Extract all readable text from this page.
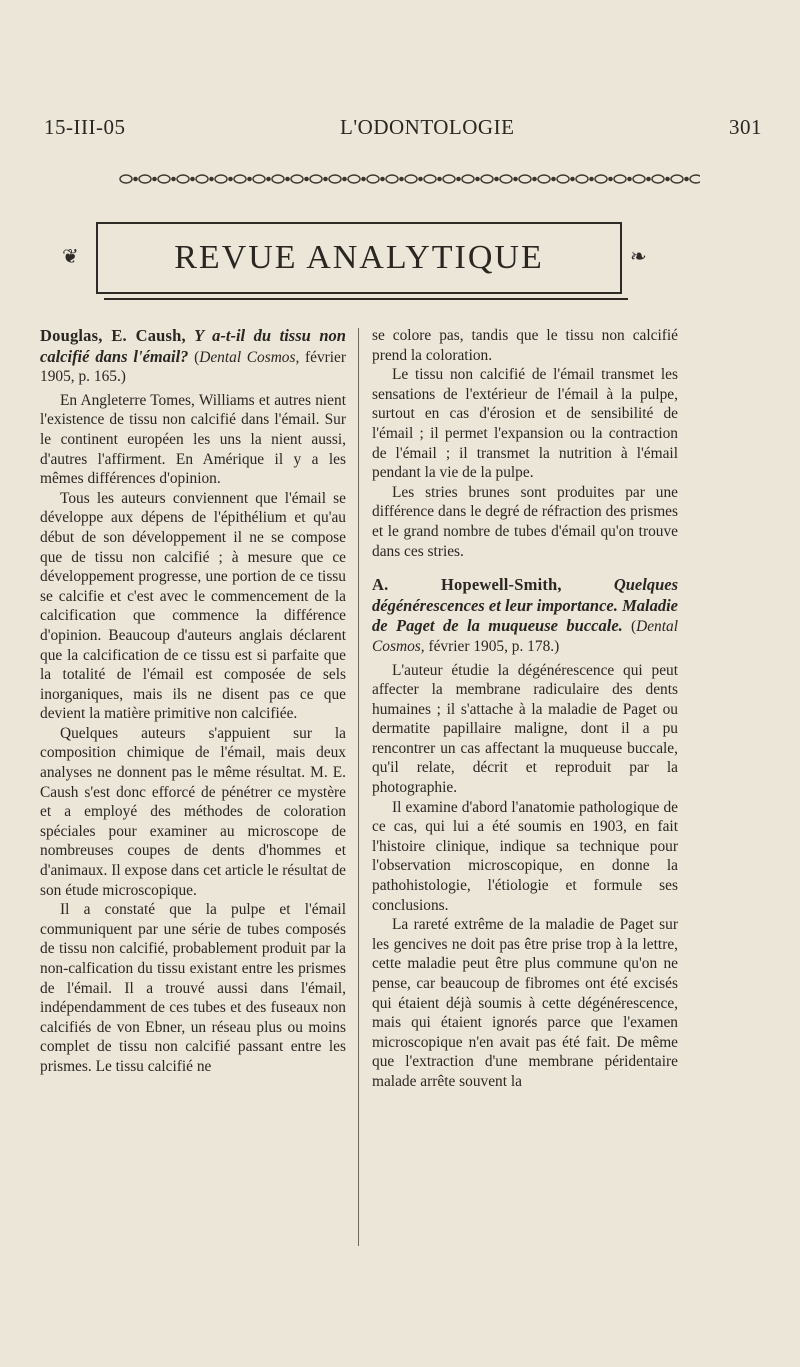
15-III-05	L'ODONTOLOGIE	301
❦	REVUE ANALYTIQUE	❧

Douglas, E. Caush, Y a-t-il du tissu non calcifié dans l'émail? (Dental Cosmos, février 1905, p. 165.)

En Angleterre Tomes, Williams et autres nient l'existence de tissu non calcifié dans l'émail. Sur le continent européen les uns la nient aussi, d'autres l'affirment. En Amérique il y a les mêmes différences d'opinion.

Tous les auteurs conviennent que l'émail se développe aux dépens de l'épithélium et qu'au début de son développement il ne se compose que de tissu non calcifié ; à mesure que ce développement progresse, une portion de ce tissu se calcifie et c'est avec le commencement de la calcification que commence la différence d'opinion. Beaucoup d'auteurs anglais déclarent que la calcification de ce tissu est si parfaite que la totalité de l'émail est composée de sels inorganiques, mais ils ne disent pas ce que devient la matière primitive non calcifiée.

Quelques auteurs s'appuient sur la composition chimique de l'émail, mais deux analyses ne donnent pas le même résultat. M. E. Caush s'est donc efforcé de pénétrer ce mystère et a employé des méthodes de coloration spéciales pour examiner au microscope de nombreuses coupes de dents d'hommes et d'animaux. Il expose dans cet article le résultat de son étude microscopique.

Il a constaté que la pulpe et l'émail communiquent par une série de tubes composés de tissu non calcifié, probablement produit par la non-calfication du tissu existant entre les prismes de l'émail. Il a trouvé aussi dans l'émail, indépendamment de ces tubes et des fuseaux non calcifiés de von Ebner, un réseau plus ou moins complet de tissu non calcifié passant entre les prismes. Le tissu calcifié ne

se colore pas, tandis que le tissu non calcifié prend la coloration.

Le tissu non calcifié de l'émail transmet les sensations de l'extérieur de l'émail à la pulpe, surtout en cas d'érosion et de sensibilité de l'émail ; il permet l'expansion ou la contraction de l'émail ; il transmet la nutrition à l'émail pendant la vie de la pulpe.

Les stries brunes sont produites par une différence dans le degré de réfraction des prismes et le grand nombre de tubes d'émail qu'on trouve dans ces stries.

A. Hopewell-Smith,	Quelques dégénérescences et leur importance. Maladie de Paget de la muqueuse buccale. (Dental Cosmos, février 1905, p. 178.)

L'auteur étudie la dégénérescence qui peut affecter la membrane radiculaire des dents humaines ; il s'attache à la maladie de Paget ou dermatite papillaire maligne, dont il a pu rencontrer un cas affectant la muqueuse buccale, qu'il relate, décrit et reproduit par la photographie.

Il examine d'abord l'anatomie pathologique de ce cas, qui lui a été soumis en 1903, en fait l'histoire clinique, indique sa technique pour l'observation microscopique, en donne la pathohistologie, l'étiologie et formule ses conclusions.

La rareté extrême de la maladie de Paget sur les gencives ne doit pas être prise trop à la lettre, cette maladie peut être plus commune qu'on ne pense, car beaucoup de fibromes ont été excisés qui étaient déjà soumis à cette dégénérescence, mais qui étaient ignorés parce que l'examen microscopique n'en avait pas été fait. De même que l'extraction d'une membrane péridentaire malade arrête souvent la
